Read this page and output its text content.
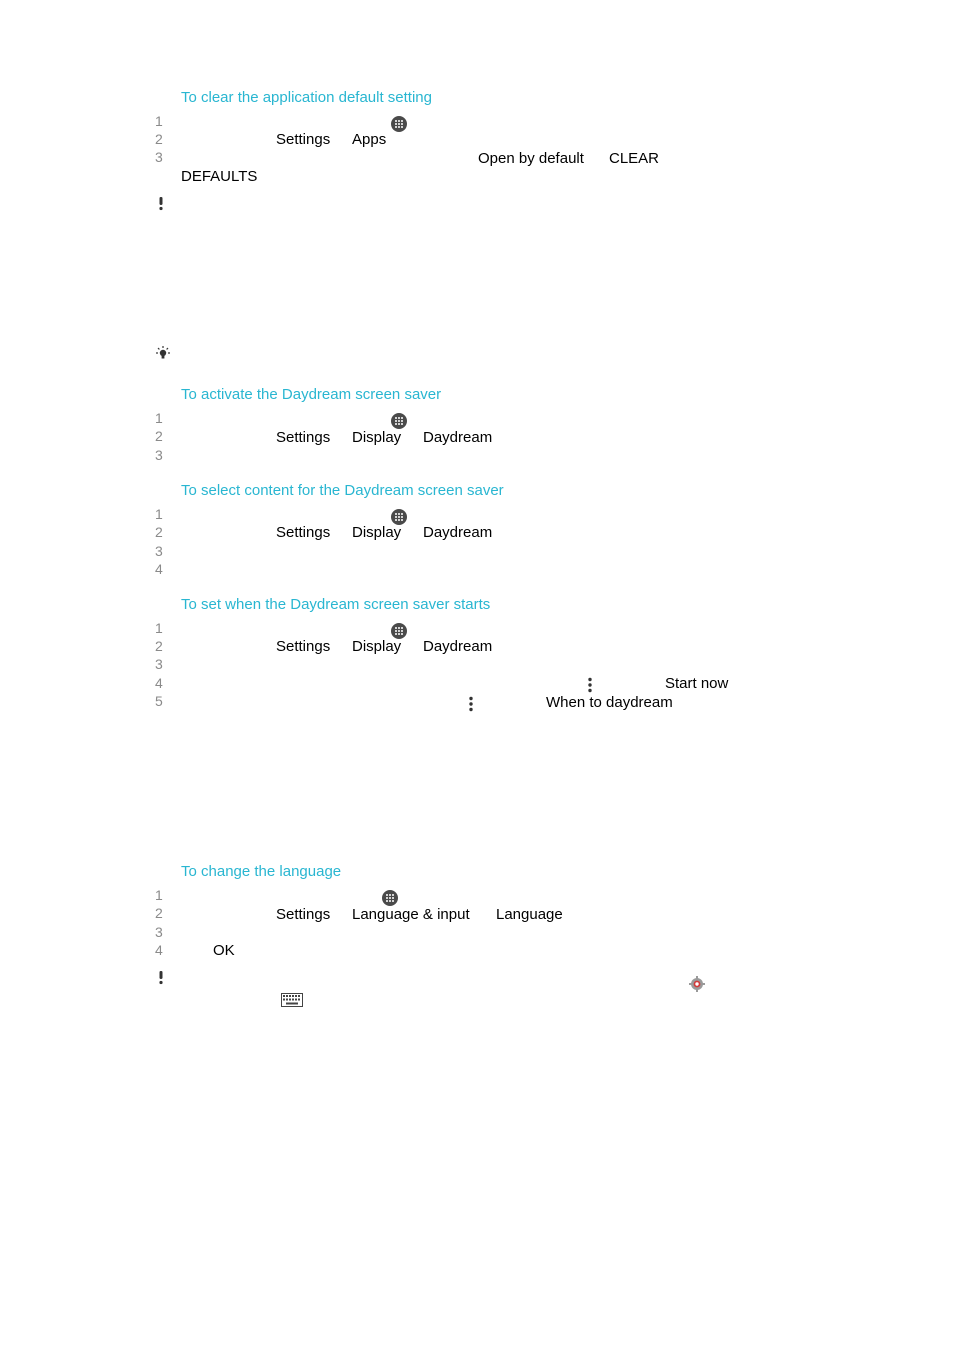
To clear the application default setting
1
2	Settings Apps
3	Open by default CLEAR
DEFAULTS
To activate the Daydream screen saver
1
2	Settings Display Daydream
3
To select content for the Daydream screen saver
1
2	Settings Display Daydream
3
4
To set when the Daydream screen saver starts
1
2	Settings Display Daydream
3
4	Start now
5	When to daydream
To change the language
1
2	Settings Language & input Language
3
4	OK
